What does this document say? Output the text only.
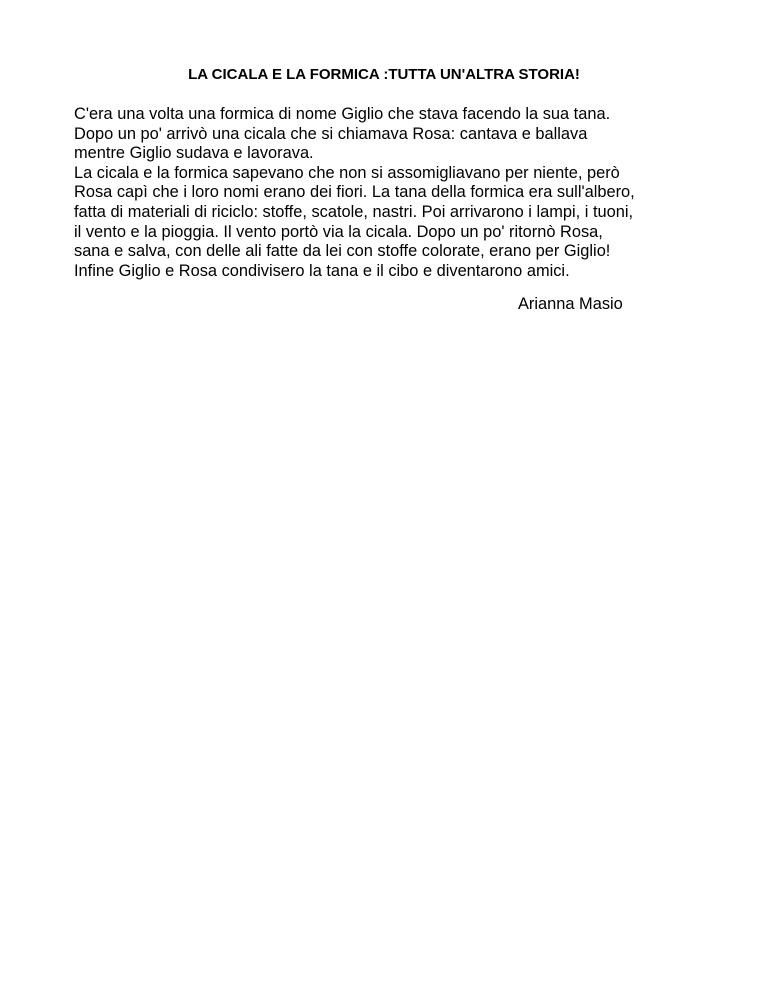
LA CICALA E LA FORMICA :TUTTA UN'ALTRA STORIA!
C'era una volta una formica di nome Giglio che stava facendo la sua tana.
Dopo un po' arrivò una cicala che si chiamava Rosa: cantava e ballava
mentre Giglio sudava e lavorava.
La cicala e la formica sapevano che non si assomigliavano per niente, però
Rosa capì che i loro nomi erano dei fiori. La tana della formica era sull'albero,
fatta di materiali di riciclo: stoffe, scatole, nastri. Poi arrivarono i lampi, i tuoni,
il vento e la pioggia. Il vento portò via la cicala. Dopo un po' ritornò Rosa,
sana e salva, con delle ali fatte da lei con stoffe colorate, erano per Giglio!
Infine Giglio e Rosa condivisero la tana e il cibo e diventarono amici.
Arianna Masio
